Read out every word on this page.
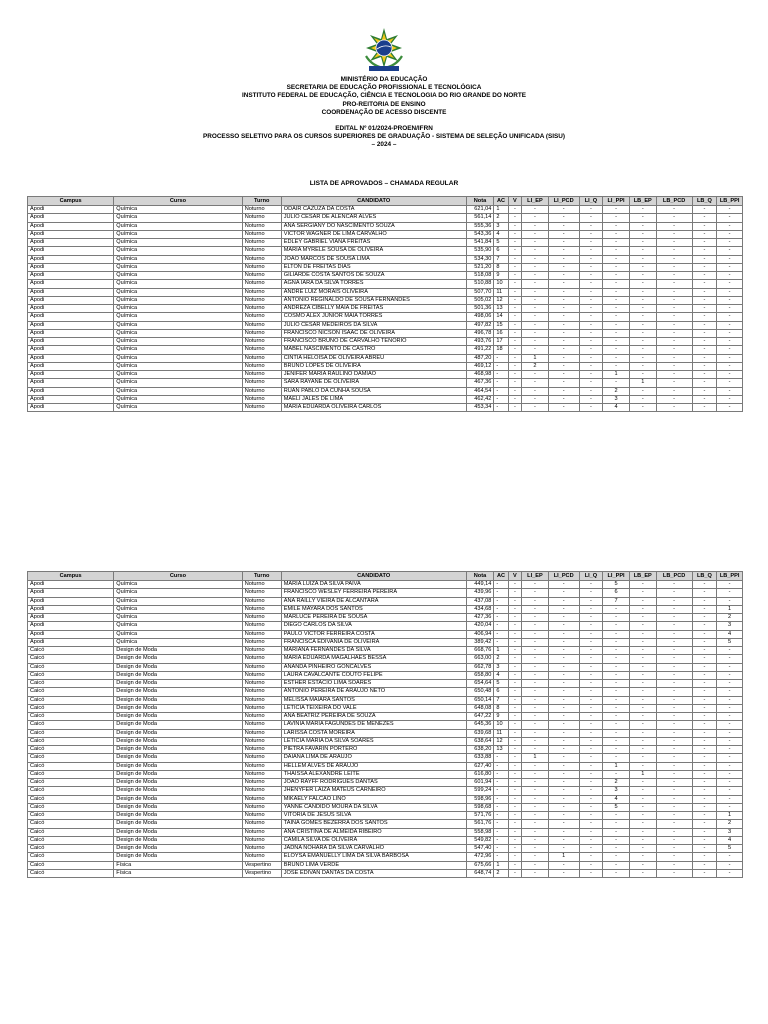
MINISTÉRIO DA EDUCAÇÃO
SECRETARIA DE EDUCAÇÃO PROFISSIONAL E TECNOLÓGICA
INSTITUTO FEDERAL DE EDUCAÇÃO, CIÊNCIA E TECNOLOGIA DO RIO GRANDE DO NORTE
PRO-REITORIA DE ENSINO
COORDENAÇÃO DE ACESSO DISCENTE
EDITAL Nº 01/2024-PROEN/IFRN
PROCESSO SELETIVO PARA OS CURSOS SUPERIORES DE GRADUAÇÃO - SISTEMA DE SELEÇÃO UNIFICADA (SISU)
– 2024 –
LISTA DE APROVADOS – CHAMADA REGULAR
Campus	Curso	Turno	CANDIDATO	Nota	AC	V	LI_EP	LI_PCD	LI_Q	LI_PPI	LB_EP	LB_PCD	LB_Q	LB_PPI
Apodi	Química	Noturno	ODAIR CAZUZA DA COSTA	621,04	1	-	-	-	-	-	-	-	-	-
Apodi	Química	Noturno	JULIO CESAR DE ALENCAR ALVES	561,14	2	-	-	-	-	-	-	-	-	-
Apodi	Química	Noturno	ANA SERGIANY DO NASCIMENTO SOUZA	555,36	3	-	-	-	-	-	-	-	-	-
Apodi	Química	Noturno	VICTOR WAGNER DE LIMA CARVALHO	543,36	4	-	-	-	-	-	-	-	-	-
Apodi	Química	Noturno	EDLEY GABRIEL VIANA FREITAS	541,84	5	-	-	-	-	-	-	-	-	-
Apodi	Química	Noturno	MARIA MYRELE SOUSA DE OLIVEIRA	535,90	6	-	-	-	-	-	-	-	-	-
Apodi	Química	Noturno	JOÃO MARCOS DE SOUSA LIMA	534,30	7	-	-	-	-	-	-	-	-	-
Apodi	Química	Noturno	ELTON DE FREITAS DIAS	521,20	8	-	-	-	-	-	-	-	-	-
Apodi	Química	Noturno	GILIARDE COSTA SANTOS DE SOUZA	518,08	9	-	-	-	-	-	-	-	-	-
Apodi	Química	Noturno	AGNA IARA DA SILVA TORRES	510,88	10	-	-	-	-	-	-	-	-	-
Apodi	Química	Noturno	ANDRE LUIZ MORAIS OLIVEIRA	507,70	11	-	-	-	-	-	-	-	-	-
Apodi	Química	Noturno	ANTONIO REGINALDO DE SOUSA FERNANDES	505,02	12	-	-	-	-	-	-	-	-	-
Apodi	Química	Noturno	ANDREZA CIBELLY MAIA DE FREITAS	501,36	13	-	-	-	-	-	-	-	-	-
Apodi	Química	Noturno	COSMO ALEX JUNIOR MAIA TORRES	498,06	14	-	-	-	-	-	-	-	-	-
Apodi	Química	Noturno	JULIO CESAR MEDEIROS DA SILVA	497,82	15	-	-	-	-	-	-	-	-	-
Apodi	Química	Noturno	FRANCISCO NICSON ISAAC DE OLIVEIRA	496,78	16	-	-	-	-	-	-	-	-	-
Apodi	Química	Noturno	FRANCISCO BRUNO DE CARVALHO TENÓRIO	493,76	17	-	-	-	-	-	-	-	-	-
Apodi	Química	Noturno	MABEL NASCIMENTO DE CASTRO	491,22	18	-	-	-	-	-	-	-	-	-
Apodi	Química	Noturno	CÍNTIA HELOÍSA DE OLIVEIRA ABREU	487,20	-	-	1	-	-	-	-	-	-	-
Apodi	Química	Noturno	BRUNO LOPES DE OLIVEIRA	469,12	-	-	2	-	-	-	-	-	-	-
Apodi	Química	Noturno	JENIFER MARIA RAULINO DAMIAO	468,98	-	-	-	-	-	1	-	-	-	-
Apodi	Química	Noturno	SARA RAYANE DE OLIVEIRA	467,36	-	-	-	-	-	-	1	-	-	-
Apodi	Química	Noturno	RUAN PABLO DA CUNHA SOUSA	464,54	-	-	-	-	-	2	-	-	-	-
Apodi	Química	Noturno	MAELI JALES DE LIMA	462,42	-	-	-	-	-	3	-	-	-	-
Apodi	Química	Noturno	MARIA EDUARDA OLIVEIRA CARLOS	453,34	-	-	-	-	-	4	-	-	-	-
Campus	Curso	Turno	CANDIDATO	Nota	AC	V	LI_EP	LI_PCD	LI_Q	LI_PPI	LB_EP	LB_PCD	LB_Q	LB_PPI
Apodi	Química	Noturno	MARIA LUIZA DA SILVA PAIVA	449,14	-	-	-	-	-	5	-	-	-	-
Apodi	Química	Noturno	FRANCISCO WESLEY FERREIRA PEREIRA	439,96	-	-	-	-	-	6	-	-	-	-
Apodi	Química	Noturno	ANA RAILLY VIEIRA DE ALCANTARA	437,08	-	-	-	-	-	7	-	-	-	-
Apodi	Química	Noturno	EMILE MAYARA DOS SANTOS	434,68	-	-	-	-	-	-	-	-	-	1
Apodi	Química	Noturno	MARLUCE PEREIRA DE SOUSA	427,36	-	-	-	-	-	-	-	-	-	2
Apodi	Química	Noturno	DIEGO CARLOS DA SILVA	420,04	-	-	-	-	-	-	-	-	-	3
Apodi	Química	Noturno	PAULO VICTOR FERREIRA COSTA	406,94	-	-	-	-	-	-	-	-	-	4
Apodi	Química	Noturno	FRANCISCA EDIVANIA DE OLIVEIRA	389,42	-	-	-	-	-	-	-	-	-	5
Caicó	Design de Moda	Noturno	MARIANA FERNANDES DA SILVA	668,76	1	-	-	-	-	-	-	-	-	-
Caicó	Design de Moda	Noturno	MARIA EDUARDA MAGALHAES BESSA	663,00	2	-	-	-	-	-	-	-	-	-
Caicó	Design de Moda	Noturno	ANANDA PINHEIRO GONCALVES	662,78	3	-	-	-	-	-	-	-	-	-
Caicó	Design de Moda	Noturno	LAURA CAVALCANTE COUTO FELIPE	658,80	4	-	-	-	-	-	-	-	-	-
Caicó	Design de Moda	Noturno	ESTHER ESTACIO LIMA SOARES	654,64	5	-	-	-	-	-	-	-	-	-
Caicó	Design de Moda	Noturno	ANTONIO PEREIRA DE ARAUJO NETO	650,48	6	-	-	-	-	-	-	-	-	-
Caicó	Design de Moda	Noturno	MELISSA MAIARA SANTOS	650,14	7	-	-	-	-	-	-	-	-	-
Caicó	Design de Moda	Noturno	LETICIA TEIXEIRA DO VALE	648,08	8	-	-	-	-	-	-	-	-	-
Caicó	Design de Moda	Noturno	ANA BEATRIZ PEREIRA DE SOUZA	647,22	9	-	-	-	-	-	-	-	-	-
Caicó	Design de Moda	Noturno	LAVINIA MARIA FAGUNDES DE MENEZES	645,36	10	-	-	-	-	-	-	-	-	-
Caicó	Design de Moda	Noturno	LARISSA COSTA MOREIRA	639,68	11	-	-	-	-	-	-	-	-	-
Caicó	Design de Moda	Noturno	LETICIA MARIA DA SILVA SOARES	638,64	12	-	-	-	-	-	-	-	-	-
Caicó	Design de Moda	Noturno	PIETRA FAVARIN PORTERO	638,20	13	-	-	-	-	-	-	-	-	-
Caicó	Design de Moda	Noturno	DAIANA LIMA DE ARAÚJO	633,88	-	-	1	-	-	-	-	-	-	-
Caicó	Design de Moda	Noturno	HELLEM ALVES DE ARAUJO	627,40	-	-	-	-	-	1	-	-	-	-
Caicó	Design de Moda	Noturno	THAISSA ALEXANDRE LEITE	616,80	-	-	-	-	-	-	1	-	-	-
Caicó	Design de Moda	Noturno	JOAO RAYFF RODRIGUES DANTAS	601,94	-	-	-	-	-	2	-	-	-	-
Caicó	Design de Moda	Noturno	JHENYFER LAIZA MATEUS CARNEIRO	599,24	-	-	-	-	-	3	-	-	-	-
Caicó	Design de Moda	Noturno	MIKAELY FALCAO LINO	598,96	-	-	-	-	-	4	-	-	-	-
Caicó	Design de Moda	Noturno	YANNE CANDIDO MOURA DA SILVA	598,68	-	-	-	-	-	5	-	-	-	-
Caicó	Design de Moda	Noturno	VITORIA DE JESUS SILVA	571,76	-	-	-	-	-	-	-	-	-	1
Caicó	Design de Moda	Noturno	TAINA GOMES BEZERRA DOS SANTOS	561,76	-	-	-	-	-	-	-	-	-	2
Caicó	Design de Moda	Noturno	ANA CRISTINA DE ALMEIDA RIBEIRO	558,98	-	-	-	-	-	-	-	-	-	3
Caicó	Design de Moda	Noturno	CAMILA SILVA DE OLIVEIRA	549,82	-	-	-	-	-	-	-	-	-	4
Caicó	Design de Moda	Noturno	JADNA NOHARA DA SILVA CARVALHO	547,40	-	-	-	-	-	-	-	-	-	5
Caicó	Design de Moda	Noturno	ELOYSA EMANUELLY LIMA DA SILVA BARBOSA	472,96	-	-	-	1	-	-	-	-	-	-
Caicó	Física	Vespertino	BRUNO LIMA VERDE	675,66	1	-	-	-	-	-	-	-	-	-
Caicó	Física	Vespertino	JOSÉ EDIVAN DANTAS DA COSTA	648,74	2	-	-	-	-	-	-	-	-	-
